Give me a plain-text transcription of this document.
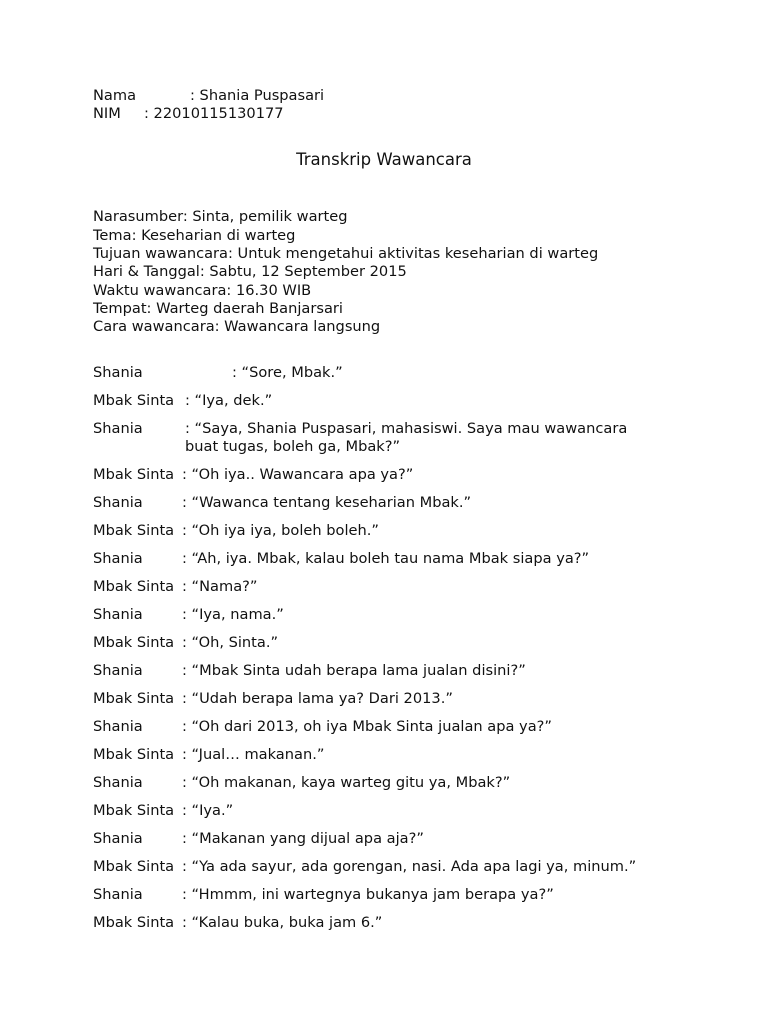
Nama	: Shania Puspasari
NIM : 22010115130177
Transkrip Wawancara
Narasumber: Sinta, pemilik warteg
Tema: Keseharian di warteg
Tujuan wawancara: Untuk mengetahui aktivitas keseharian di warteg
Hari & Tanggal: Sabtu, 12 September 2015
Waktu wawancara: 16.30 WIB
Tempat: Warteg daerah Banjarsari
Cara wawancara: Wawancara langsung
Shania	: “Sore, Mbak.”
Mbak Sinta : “Iya, dek.”
Shania	: “Saya, Shania Puspasari, mahasiswi. Saya mau wawancara
buat tugas, boleh ga, Mbak?”
Mbak Sinta : “Oh iya.. Wawancara apa ya?”
Shania	: “Wawanca tentang keseharian Mbak.”
Mbak Sinta : “Oh iya iya, boleh boleh.”
Shania	: “Ah, iya. Mbak, kalau boleh tau nama Mbak siapa ya?”
Mbak Sinta : “Nama?”
Shania	: “Iya, nama.”
Mbak Sinta : “Oh, Sinta.”
Shania	: “Mbak Sinta udah berapa lama jualan disini?”
Mbak Sinta : “Udah berapa lama ya? Dari 2013.”
Shania	: “Oh dari 2013, oh iya Mbak Sinta jualan apa ya?”
Mbak Sinta : “Jual… makanan.”
Shania	: “Oh makanan, kaya warteg gitu ya, Mbak?”
Mbak Sinta : “Iya.”
Shania	: “Makanan yang dijual apa aja?”
Mbak Sinta : “Ya ada sayur, ada gorengan, nasi. Ada apa lagi ya, minum.”
Shania	: “Hmmm, ini wartegnya bukanya jam berapa ya?”
Mbak Sinta : “Kalau buka, buka jam 6.”
